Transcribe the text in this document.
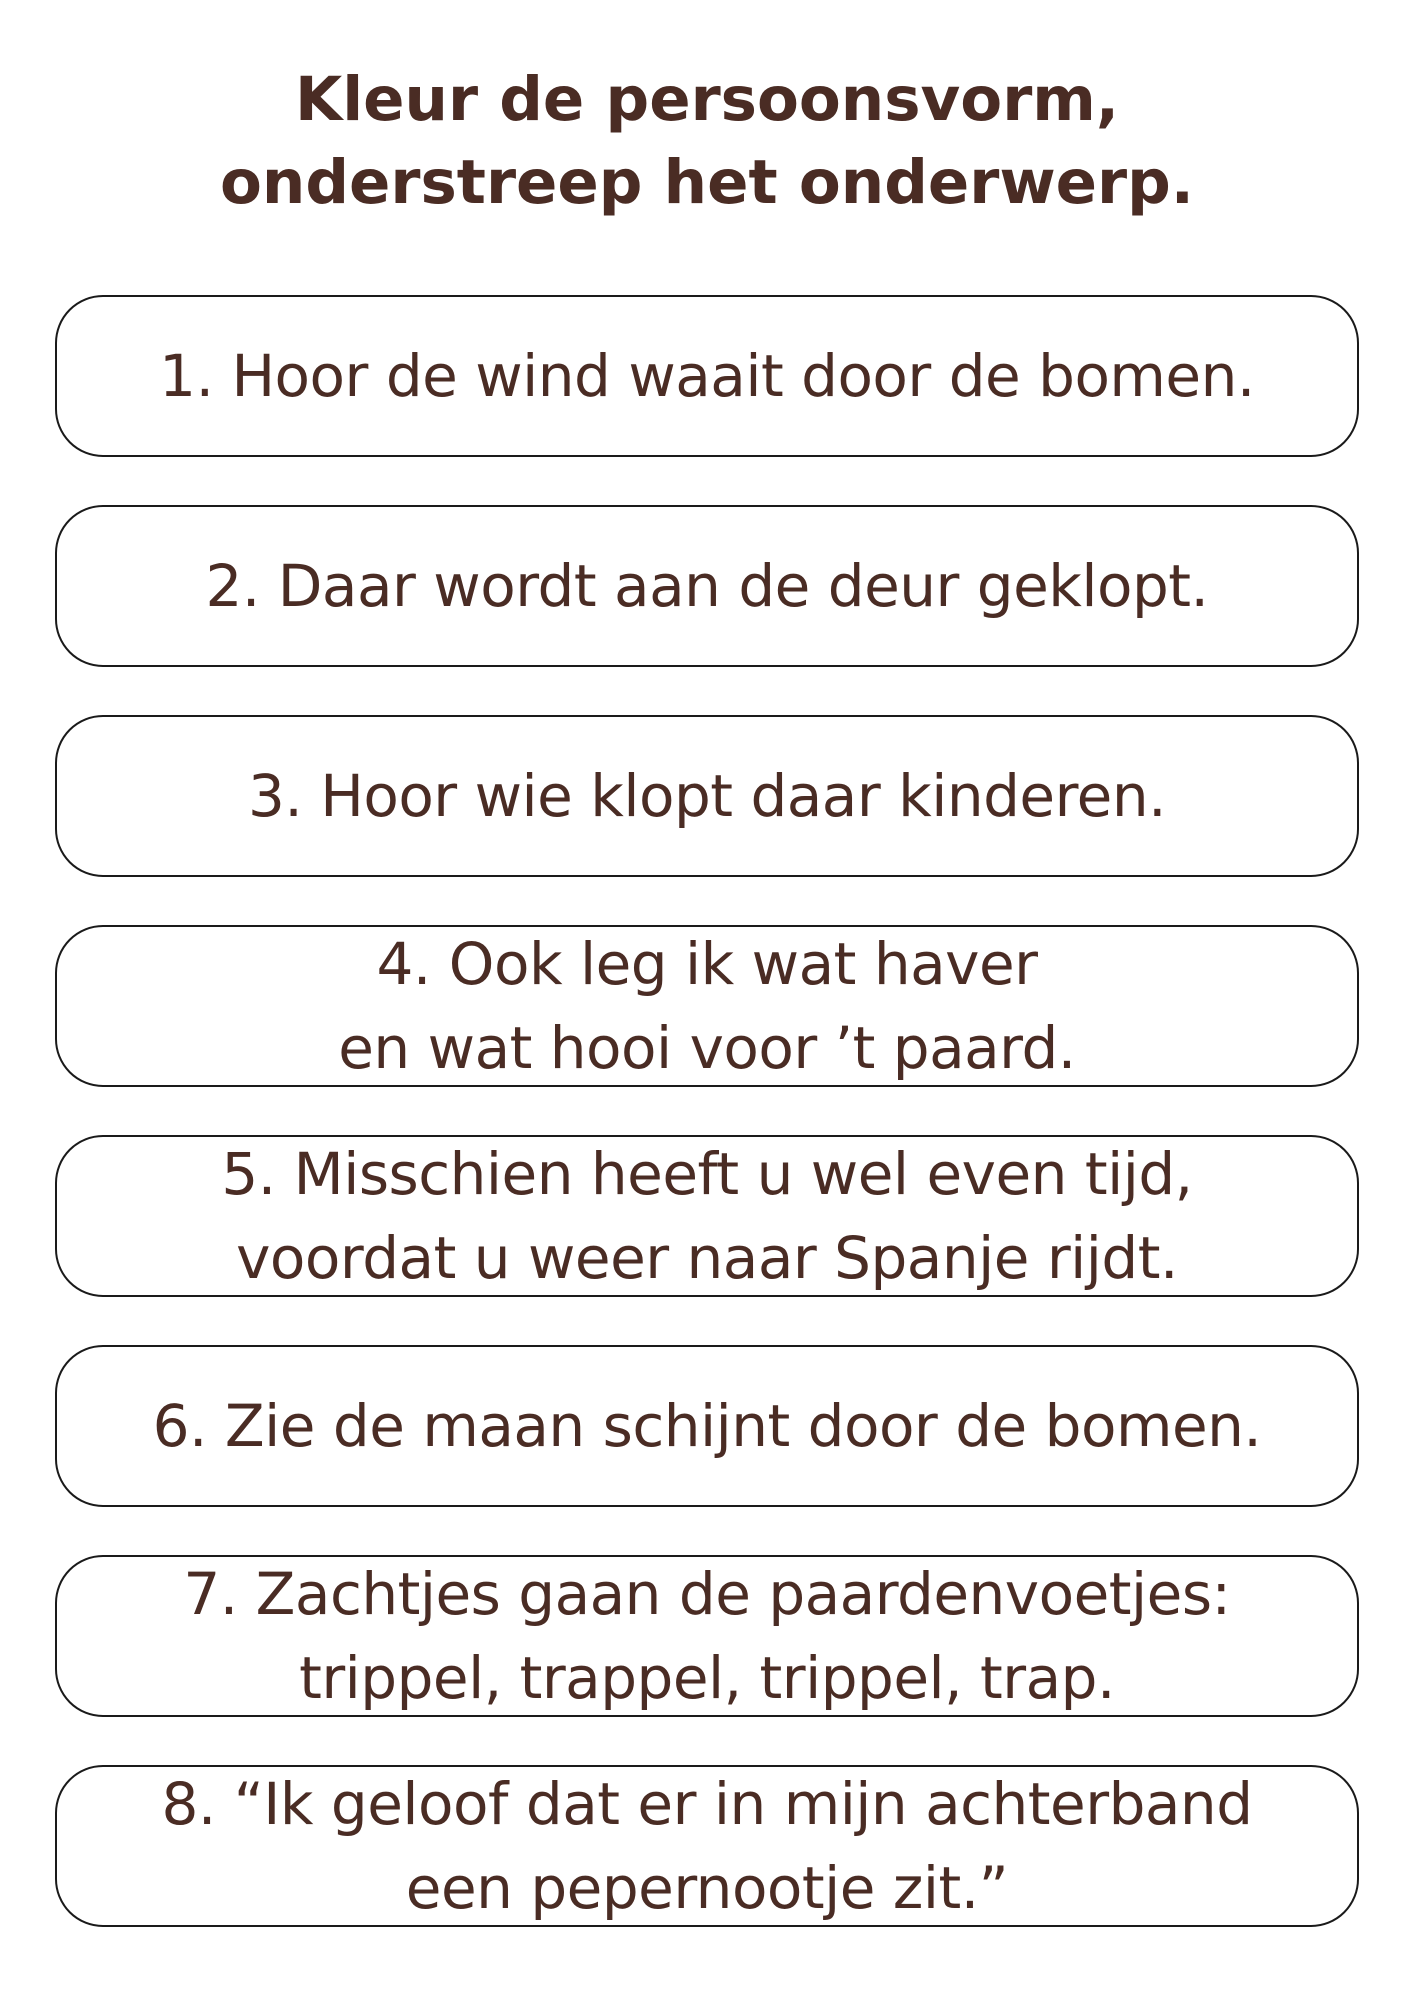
Kleur de persoonsvorm,
onderstreep het onderwerp.
1. Hoor de wind waait door de bomen.
2. Daar wordt aan de deur geklopt.
3. Hoor wie klopt daar kinderen.
4. Ook leg ik wat haver
en wat hooi voor ’t paard.
5. Misschien heeft u wel even tijd,
voordat u weer naar Spanje rijdt.
6. Zie de maan schijnt door de bomen.
7. Zachtjes gaan de paardenvoetjes:
trippel, trappel, trippel, trap.
8. “Ik geloof dat er in mijn achterband
een pepernootje zit.”
